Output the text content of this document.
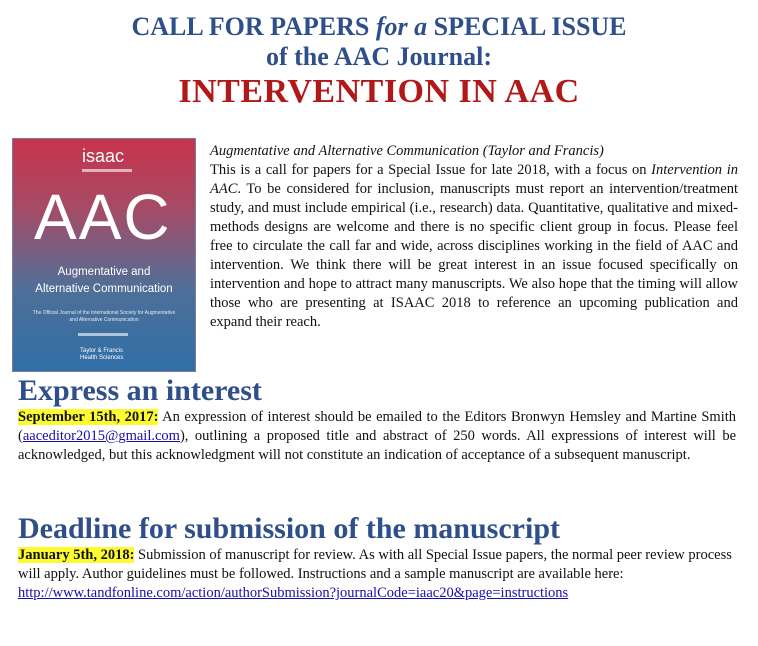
CALL FOR PAPERS for a SPECIAL ISSUE

of the AAC Journal:

INTERVENTION IN AAC

isaac
AAC
Augmentative and
Alternative Communication
The Official Journal of the International Society for Augmentative and Alternative Communication
Taylor & Francis
Health Sciences

Augmentative and Alternative Communication (Taylor and Francis)

This is a call for papers for a Special Issue for late 2018, with a focus on Intervention in AAC. To be considered for inclusion, manuscripts must report an intervention/treatment study, and must include empirical (i.e., research) data. Quantitative, qualitative and mixed-methods designs are welcome and there is no specific client group in focus. Please feel free to circulate the call far and wide, across disciplines working in the field of AAC and intervention. We think there will be great interest in an issue focused specifically on intervention and hope to attract many manuscripts. We also hope that the timing will allow those who are presenting at ISAAC 2018 to reference an upcoming publication and expand their reach.

Express an interest

September 15th, 2017: An expression of interest should be emailed to the Editors Bronwyn Hemsley and Martine Smith (aaceditor2015@gmail.com), outlining a proposed title and abstract of 250 words. All expressions of interest will be acknowledged, but this acknowledgment will not constitute an indication of acceptance of a subsequent manuscript.

Deadline for submission of the manuscript

January 5th, 2018: Submission of manuscript for review. As with all Special Issue papers, the normal peer review process will apply. Author guidelines must be followed. Instructions and a sample manuscript are available here:
http://www.tandfonline.com/action/authorSubmission?journalCode=iaac20&page=instructions
